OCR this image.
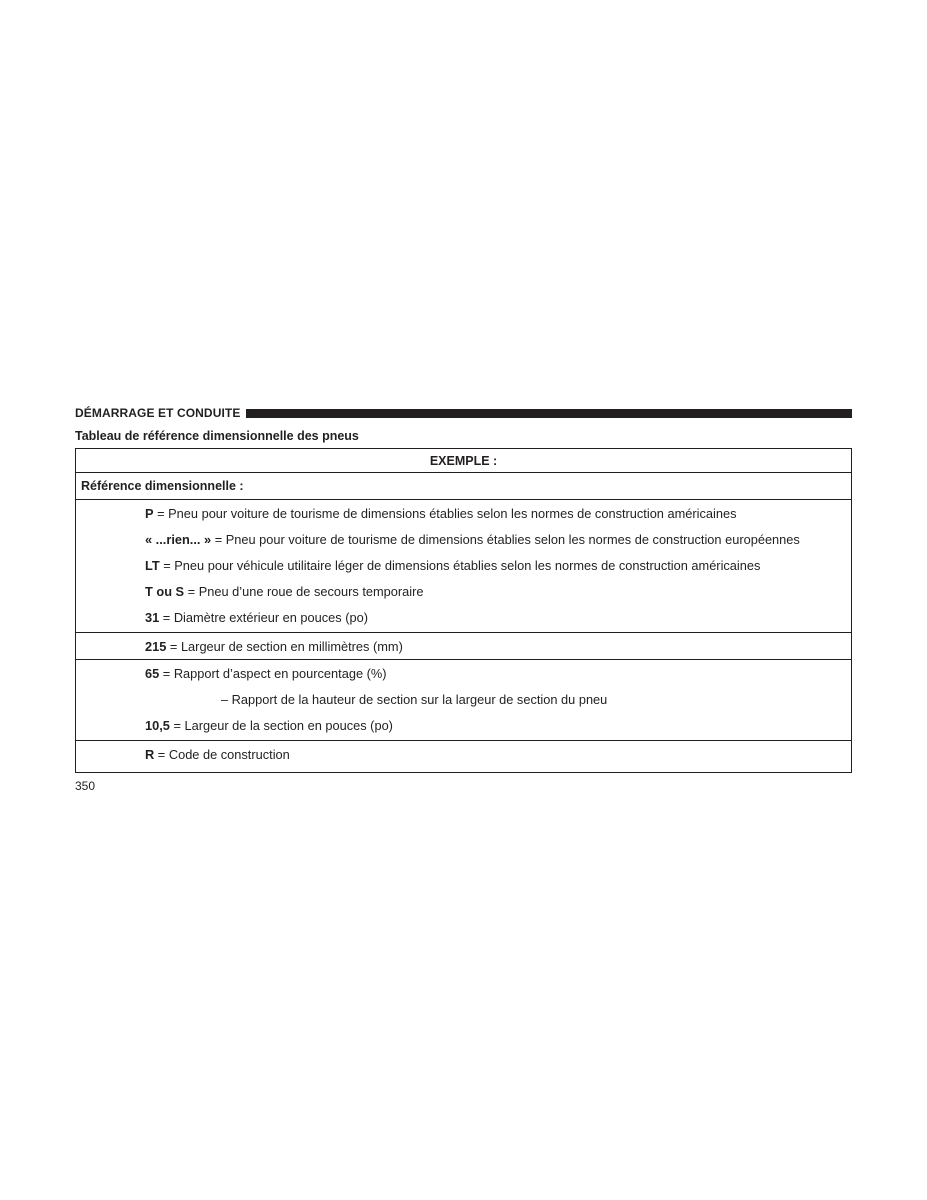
DÉMARRAGE ET CONDUITE
Tableau de référence dimensionnelle des pneus
EXEMPLE :
Référence dimensionnelle :
P = Pneu pour voiture de tourisme de dimensions établies selon les normes de construction américaines
« ...rien... » = Pneu pour voiture de tourisme de dimensions établies selon les normes de construction européennes
LT = Pneu pour véhicule utilitaire léger de dimensions établies selon les normes de construction américaines
T ou S = Pneu d’une roue de secours temporaire
31 = Diamètre extérieur en pouces (po)
215 = Largeur de section en millimètres (mm)
65 = Rapport d’aspect en pourcentage (%)
– Rapport de la hauteur de section sur la largeur de section du pneu
10,5 = Largeur de la section en pouces (po)
R = Code de construction
350
